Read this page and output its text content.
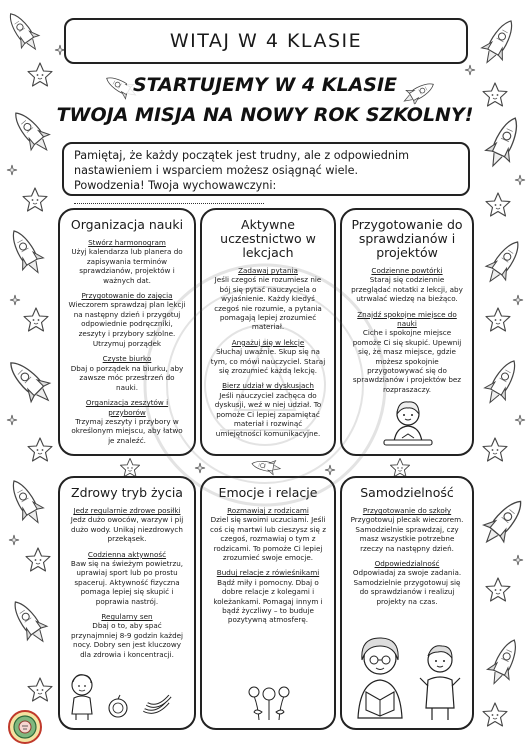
WITAJ W 4 KLASIE
STARTUJEMY W 4 KLASIE
TWOJA MISJA NA NOWY ROK SZKOLNY!
Pamiętaj, że każdy początek jest trudny, ale z odpowiednim nastawieniem i wsparciem możesz osiągnąć wiele.
Powodzenia! Twoja wychowawczyni:
Organizacja nauki
Stwórz harmonogram

Użyj kalendarza lub planera do zapisywania terminów sprawdzianów, projektów i ważnych dat.

Przygotowanie do zajęcia

Wieczorem sprawdzaj plan lekcji na następny dzień i przygotuj odpowiednie podręczniki, zeszyty i przybory szkolne.

Utrzymuj porządek
Czyste biurko

Dbaj o porządek na biurku, aby zawsze móc przestrzeń do nauki.

Organizacja zeszytów i przyborów

Trzymaj zeszyty i przybory w określonym miejscu, aby łatwo je znaleźć.

Aktywne uczestnictwo w lekcjach
Zadawaj pytania

Jeśli czegoś nie rozumiesz nie bój się pytać nauczyciela o wyjaśnienie. Każdy kiedyś czegoś nie rozumie, a pytania pomagają lepiej zrozumieć materiał.

Angażuj się w lekcje

Słuchaj uważnie. Skup się na tym, co mówi nauczyciel. Staraj się zrozumieć każdą lekcję.

Bierz udział w dyskusjach

Jeśli nauczyciel zachęca do dyskusji, weź w niej udział. To pomoże Ci lepiej zapamiętać materiał i rozwinąć umiejętności komunikacyjne.

Przygotowanie do sprawdzianów i projektów
Codzienne powtórki

Staraj się codziennie przeglądać notatki z lekcji, aby utrwalać wiedzę na bieżąco.

Znajdź spokojne miejsce do nauki

Ciche i spokojne miejsce pomoże Ci się skupić. Upewnij się, że masz miejsce, gdzie możesz spokojnie przygotowywać się do sprawdzianów i projektów bez rozpraszaczy.

Zdrowy tryb życia
Jedz regularnie zdrowe posiłki

Jedz dużo owoców, warzyw i pij dużo wody. Unikaj niezdrowych przekąsek.

Codzienna aktywność

Baw się na świeżym powietrzu, uprawiaj sport lub po prostu spaceruj. Aktywność fizyczna pomaga lepiej się skupić i poprawia nastrój.

Regularny sen

Dbaj o to, aby spać przynajmniej 8-9 godzin każdej nocy. Dobry sen jest kluczowy dla zdrowia i koncentracji.

Emocje i relacje
Rozmawiaj z rodzicami

Dziel się swoimi uczuciami. Jeśli coś cię martwi lub cieszysz się z czegoś, rozmawiaj o tym z rodzicami. To pomoże Ci lepiej zrozumieć swoje emocje.

Buduj relacje z rówieśnikami

Bądź miły i pomocny. Dbaj o dobre relacje z kolegami i koleżankami. Pomagaj innym i bądź życzliwy – to buduje pozytywną atmosferę.

Samodzielność
Przygotowanie do szkoły

Przygotowuj plecak wieczorem. Samodzielnie sprawdzaj, czy masz wszystkie potrzebne rzeczy na następny dzień.

Odpowiedzialność

Odpowiadaj za swoje zadania. Samodzielnie przygotowuj się do sprawdzianów i realizuj projekty na czas.
